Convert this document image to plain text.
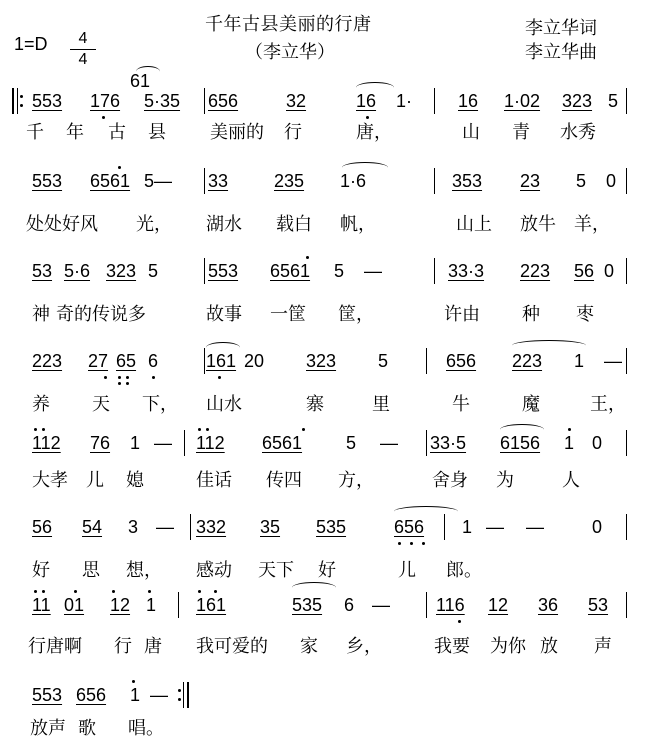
千年古县美丽的行唐
（李立华）
李立华词
李立华曲
1=D	4
4
553 176
61
5·35 656	32	16 1·	16 1·02 323 5
千 年 古 县 美丽的 行	唐，	山 青 水秀
553 6561 5— 33	235 1·6	353 23 5 0
处处好风 光， 湖水 载白 帆，	山上 放牛 羊，
53 5·6 323 5	553 6561 5 —	33·3 223 56 0
神 奇的传说多	故事 一筐 筐，	许由 种 枣
223 27 65 6	161 20 323 5	656 223 1 —
养 天 下， 山水	寨	里	牛	魔	王，
112 76 1 — 112 6561 5 — 33·5 6156 1 0
大孝 儿 媳	佳话 传四 方，	舍身 为	人
56 54 3 — 332 35 535	656 1 — —	0
好 思 想， 感动 天下 好	儿 郎。
11 01 12 1 161	535 6 —	116 12 36 53
行唐啊 行 唐 我可爱的 家 乡，	我要 为你 放 声
553 656 1 —
放声 歌 唱。
